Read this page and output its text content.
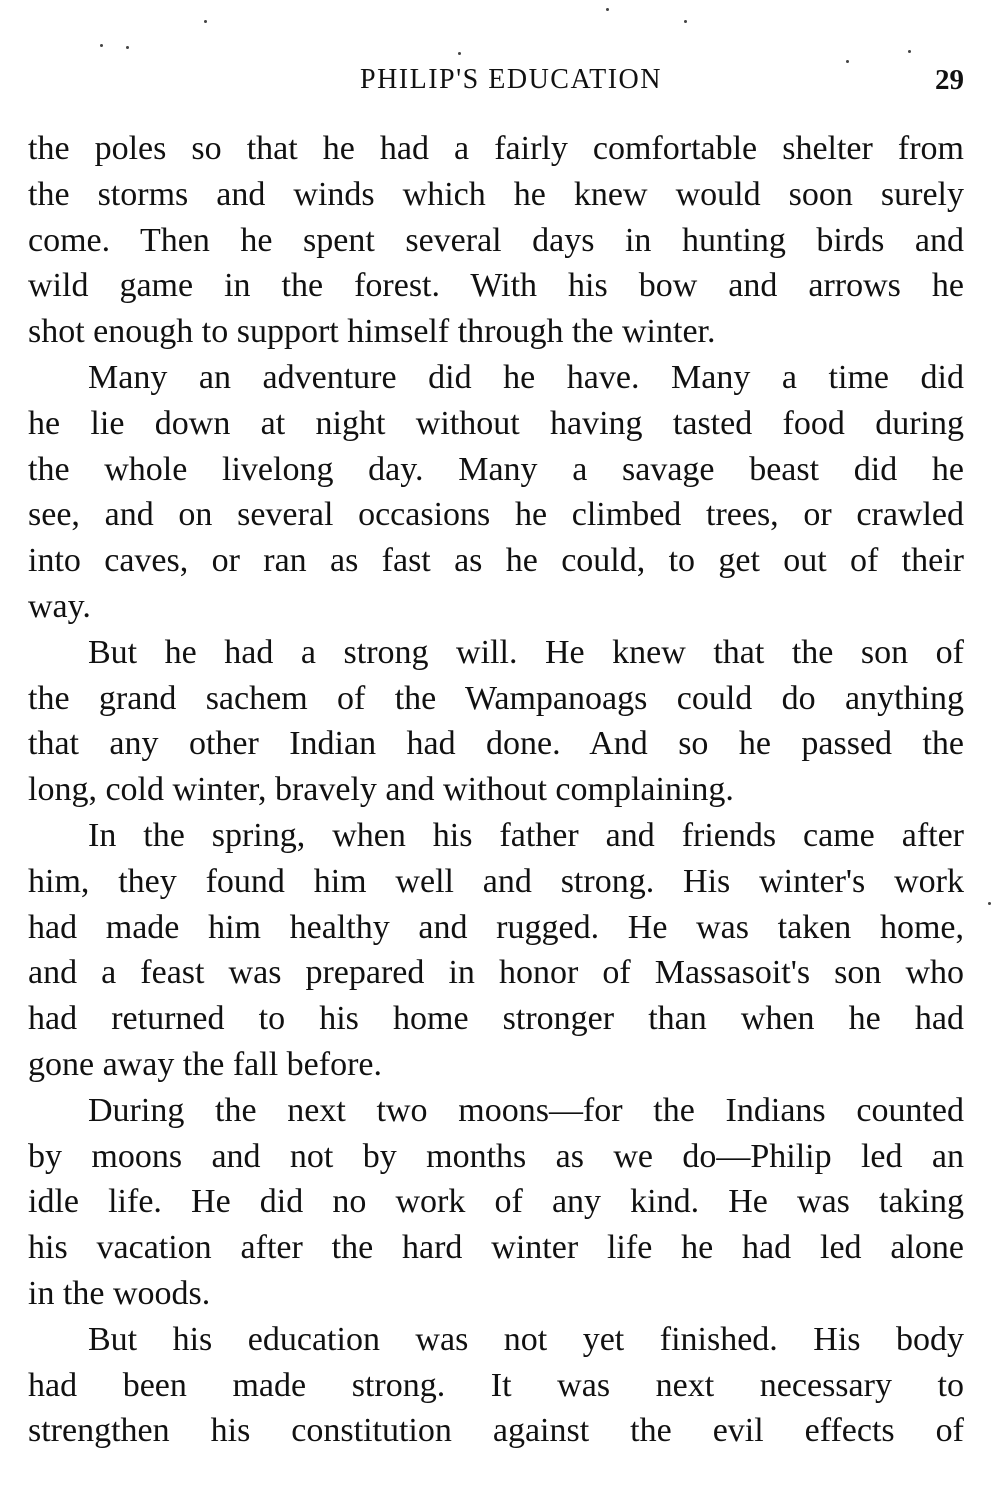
PHILIP'S EDUCATION	29
the poles so that he had a fairly comfortable shelter from
the storms and winds which he knew would soon surely
come. Then he spent several days in hunting birds and
wild game in the forest. With his bow and arrows he
shot enough to support himself through the winter.
Many an adventure did he have. Many a time did
he lie down at night without having tasted food during
the whole livelong day. Many a savage beast did he
see, and on several occasions he climbed trees, or crawled
into caves, or ran as fast as he could, to get out of their
way.
But he had a strong will. He knew that the son of
the grand sachem of the Wampanoags could do anything
that any other Indian had done. And so he passed the
long, cold winter, bravely and without complaining.
In the spring, when his father and friends came after
him, they found him well and strong. His winter's work
had made him healthy and rugged. He was taken home,
and a feast was prepared in honor of Massasoit's son who
had returned to his home stronger than when he had
gone away the fall before.
During the next two moons—for the Indians counted
by moons and not by months as we do—Philip led an
idle life. He did no work of any kind. He was taking
his vacation after the hard winter life he had led alone
in the woods.
But his education was not yet finished. His body
had been made strong. It was next necessary to
strengthen his constitution against the evil effects of
